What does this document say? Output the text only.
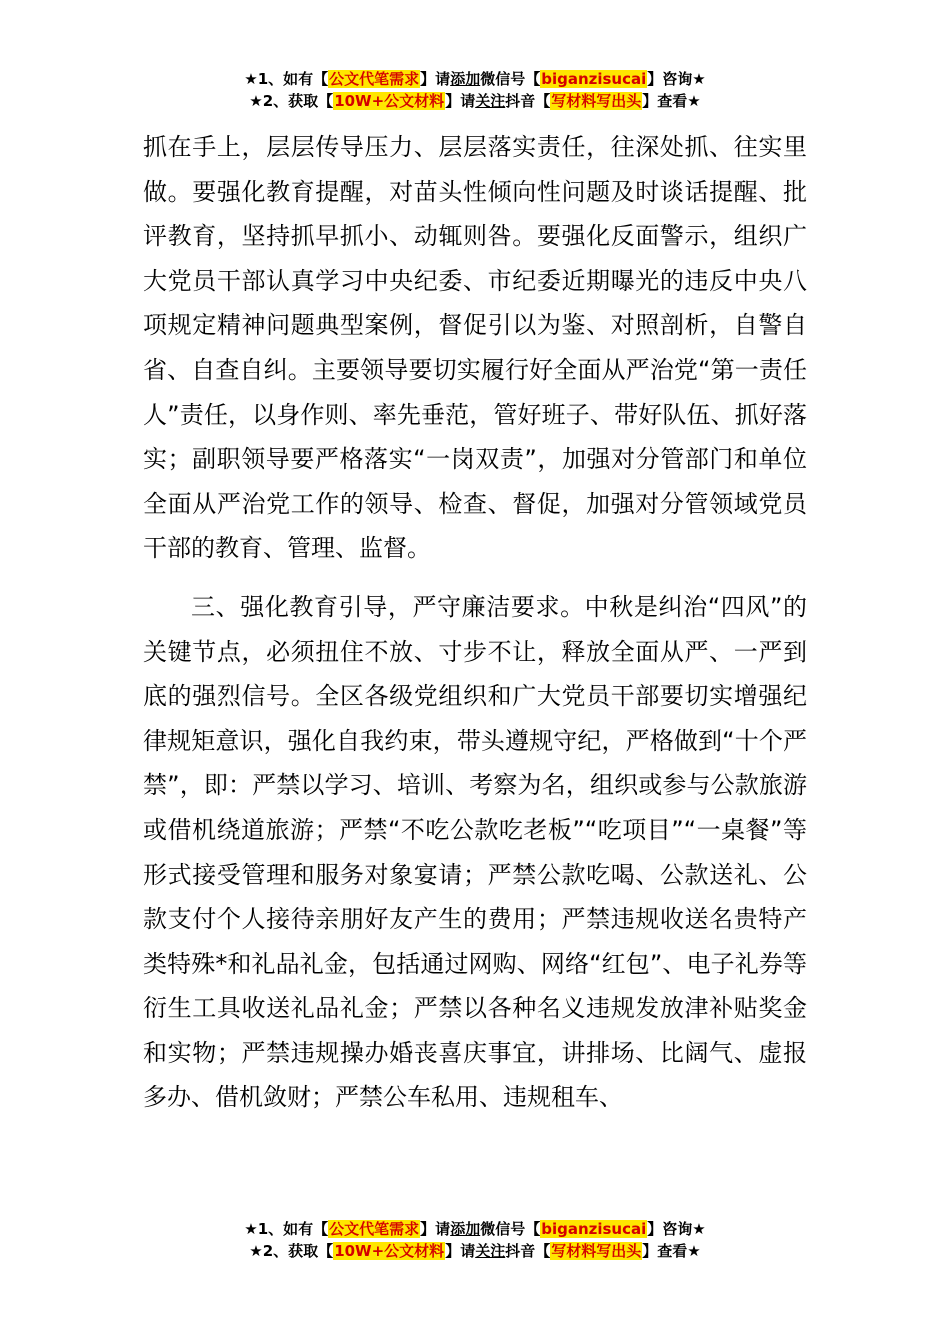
★1、如有【公文代笔需求】请添加微信号【biganzisucai】咨询★
★2、获取【10W+公文材料】请关注抖音【写材料写出头】查看★

抓在手上，层层传导压力、层层落实责任，往深处抓、往实里做。要强化教育提醒，对苗头性倾向性问题及时谈话提醒、批评教育，坚持抓早抓小、动辄则咎。要强化反面警示，组织广大党员干部认真学习中央纪委、市纪委近期曝光的违反中央八项规定精神问题典型案例，督促引以为鉴、对照剖析，自警自省、自查自纠。主要领导要切实履行好全面从严治党“第一责任人”责任，以身作则、率先垂范，管好班子、带好队伍、抓好落实；副职领导要严格落实“一岗双责”，加强对分管部门和单位全面从严治党工作的领导、检查、督促，加强对分管领域党员干部的教育、管理、监督。

三、强化教育引导，严守廉洁要求。中秋是纠治“四风”的关键节点，必须扭住不放、寸步不让，释放全面从严、一严到底的强烈信号。全区各级党组织和广大党员干部要切实增强纪律规矩意识，强化自我约束，带头遵规守纪，严格做到“十个严禁”，即：严禁以学习、培训、考察为名，组织或参与公款旅游或借机绕道旅游；严禁“不吃公款吃老板”“吃项目”“一桌餐”等形式接受管理和服务对象宴请；严禁公款吃喝、公款送礼、公款支付个人接待亲朋好友产生的费用；严禁违规收送名贵特产类特殊*和礼品礼金，包括通过网购、网络“红包”、电子礼券等衍生工具收送礼品礼金；严禁以各种名义违规发放津补贴奖金和实物；严禁违规操办婚丧喜庆事宜，讲排场、比阔气、虚报多办、借机敛财；严禁公车私用、违规租车、

★1、如有【公文代笔需求】请添加微信号【biganzisucai】咨询★
★2、获取【10W+公文材料】请关注抖音【写材料写出头】查看★
